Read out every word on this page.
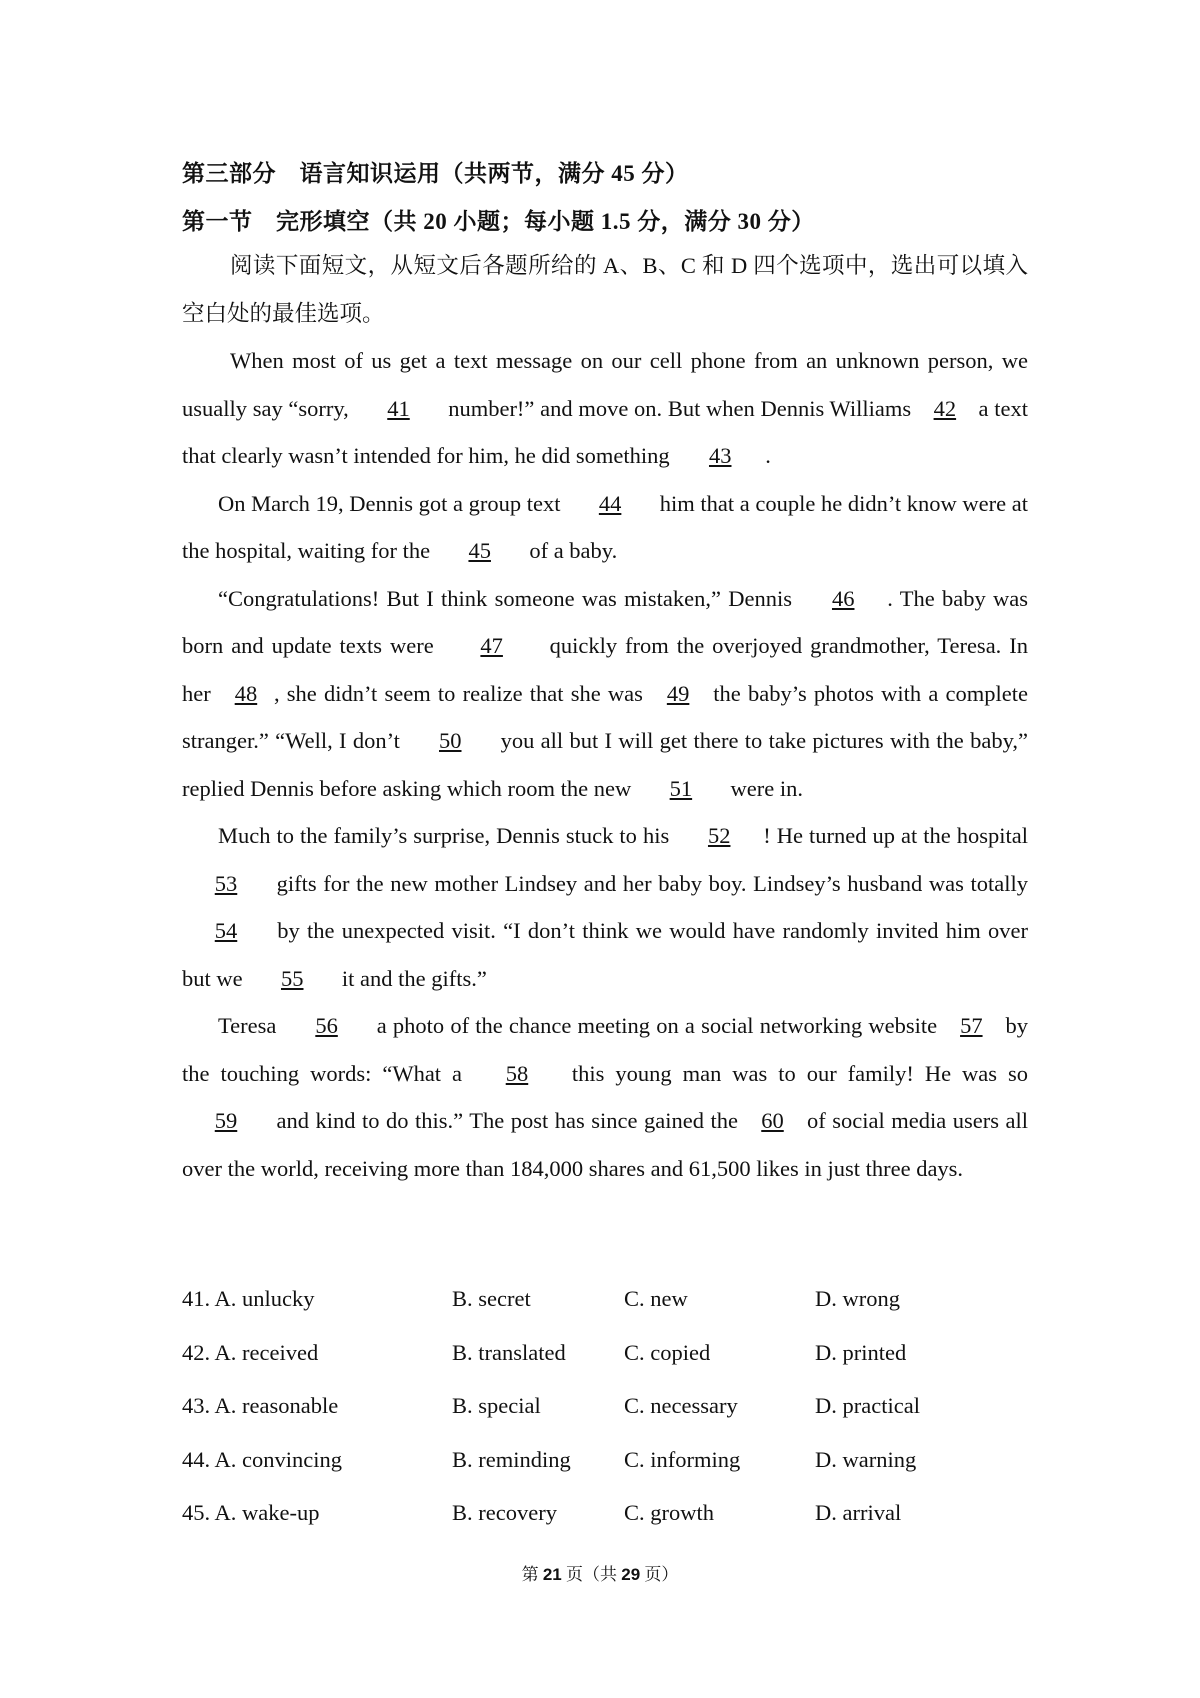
第三部分　语言知识运用（共两节，满分 45 分）
第一节　完形填空（共 20 小题；每小题 1.5 分，满分 30 分）

阅读下面短文，从短文后各题所给的 A、B、C 和 D 四个选项中，选出可以填入空白处的最佳选项。

When most of us get a text message on our cell phone from an unknown person, we usually say “sorry, 41 number!” and move on. But when Dennis Williams 42 a text that clearly wasn’t intended for him, he did something 43 .

On March 19, Dennis got a group text 44 him that a couple he didn’t know were at the hospital, waiting for the 45 of a baby.

“Congratulations! But I think someone was mistaken,” Dennis 46 . The baby was born and update texts were 47 quickly from the overjoyed grandmother, Teresa. In her 48 , she didn’t seem to realize that she was 49 the baby’s photos with a complete stranger.” “Well, I don’t 50 you all but I will get there to take pictures with the baby,” replied Dennis before asking which room the new 51 were in.

Much to the family’s surprise, Dennis stuck to his 52 ! He turned up at the hospital 53 gifts for the new mother Lindsey and her baby boy. Lindsey’s husband was totally 54 by the unexpected visit. “I don’t think we would have randomly invited him over but we 55 it and the gifts.”

Teresa 56 a photo of the chance meeting on a social networking website 57 by the touching words: “What a 58 this young man was to our family! He was so 59 and kind to do this.” The post has since gained the 60 of social media users all over the world, receiving more than 184,000 shares and 61,500 likes in just three days.

41. A. unlucky	B. secret	C. new	D. wrong
42. A. received	B. translated	C. copied	D. printed
43. A. reasonable	B. special	C. necessary	D. practical
44. A. convincing	B. reminding C. informing	D. warning
45. A. wake-up	B. recovery	C. growth	D. arrival
第 21 页（共 29 页）
